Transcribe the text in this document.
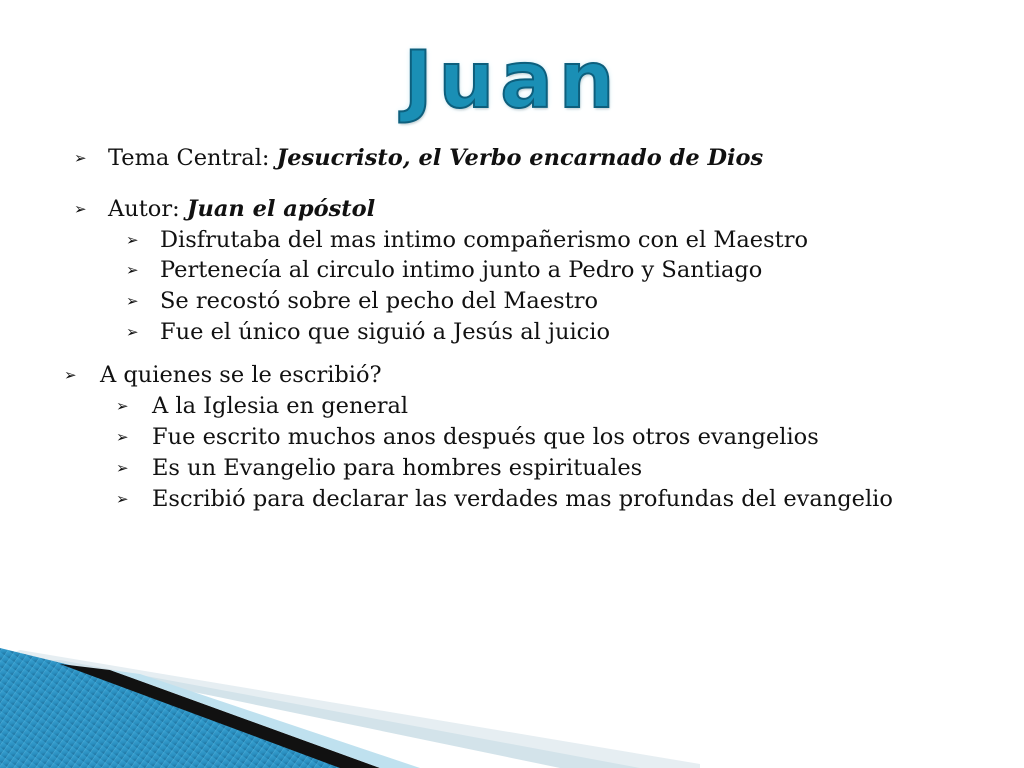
Juan
➢ Tema Central: Jesucristo, el Verbo encarnado de Dios
➢ Autor: Juan el apóstol
➢ Disfrutaba del mas intimo compañerismo con el Maestro
➢ Pertenecía al circulo intimo junto a Pedro y Santiago
➢ Se recostó sobre el pecho del Maestro
➢ Fue el único que siguió a Jesús al juicio
➢ A quienes se le escribió?
➢ A la Iglesia en general
➢ Fue escrito muchos anos después que los otros evangelios
➢ Es un Evangelio para hombres espirituales
➢ Escribió para declarar las verdades mas profundas del evangelio
